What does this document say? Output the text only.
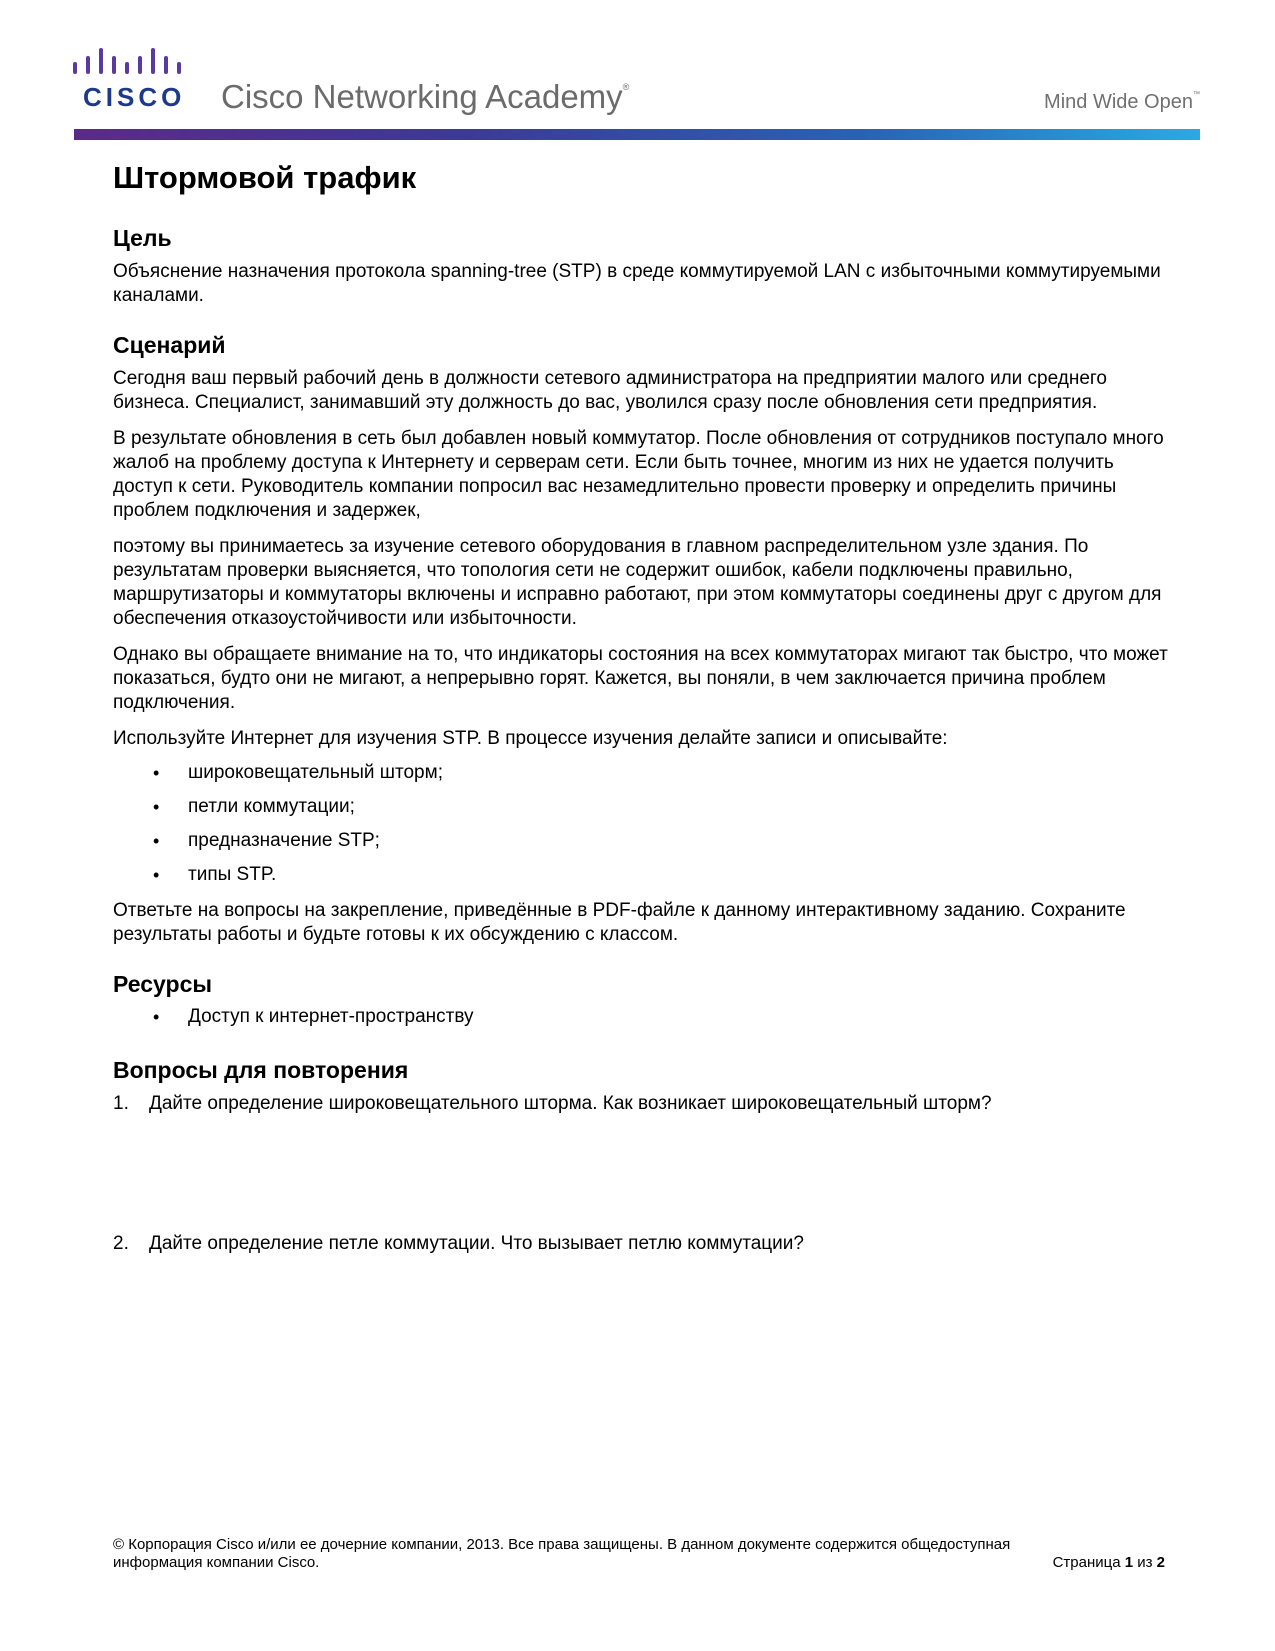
CISCO Cisco Networking Academy®
Mind Wide Open™
Штормовой трафик
Цель

Объяснение назначения протокола spanning-tree (STP) в среде коммутируемой LAN с избыточными коммутируемыми каналами.

Сценарий

Сегодня ваш первый рабочий день в должности сетевого администратора на предприятии малого или среднего бизнеса. Специалист, занимавший эту должность до вас, уволился сразу после обновления сети предприятия.

В результате обновления в сеть был добавлен новый коммутатор. После обновления от сотрудников поступало много жалоб на проблему доступа к Интернету и серверам сети. Если быть точнее, многим из них не удается получить доступ к сети. Руководитель компании попросил вас незамедлительно провести проверку и определить причины проблем подключения и задержек,

поэтому вы принимаетесь за изучение сетевого оборудования в главном распределительном узле здания. По результатам проверки выясняется, что топология сети не содержит ошибок, кабели подключены правильно, маршрутизаторы и коммутаторы включены и исправно работают, при этом коммутаторы соединены друг с другом для обеспечения отказоустойчивости или избыточности.

Однако вы обращаете внимание на то, что индикаторы состояния на всех коммутаторах мигают так быстро, что может показаться, будто они не мигают, а непрерывно горят. Кажется, вы поняли, в чем заключается причина проблем подключения.

Используйте Интернет для изучения STP. В процессе изучения делайте записи и описывайте:

• широковещательный шторм;
• петли коммутации;
• предназначение STP;
• типы STP.

Ответьте на вопросы на закрепление, приведённые в PDF-файле к данному интерактивному заданию. Сохраните результаты работы и будьте готовы к их обсуждению с классом.

Ресурсы
• Доступ к интернет-пространству
Вопросы для повторения
1. Дайте определение широковещательного шторма. Как возникает широковещательный шторм?
2. Дайте определение петле коммутации. Что вызывает петлю коммутации?
© Корпорация Cisco и/или ее дочерние компании, 2013. Все права защищены. В данном документе содержится общедоступная информация компании Cisco.	Страница 1 из 2
